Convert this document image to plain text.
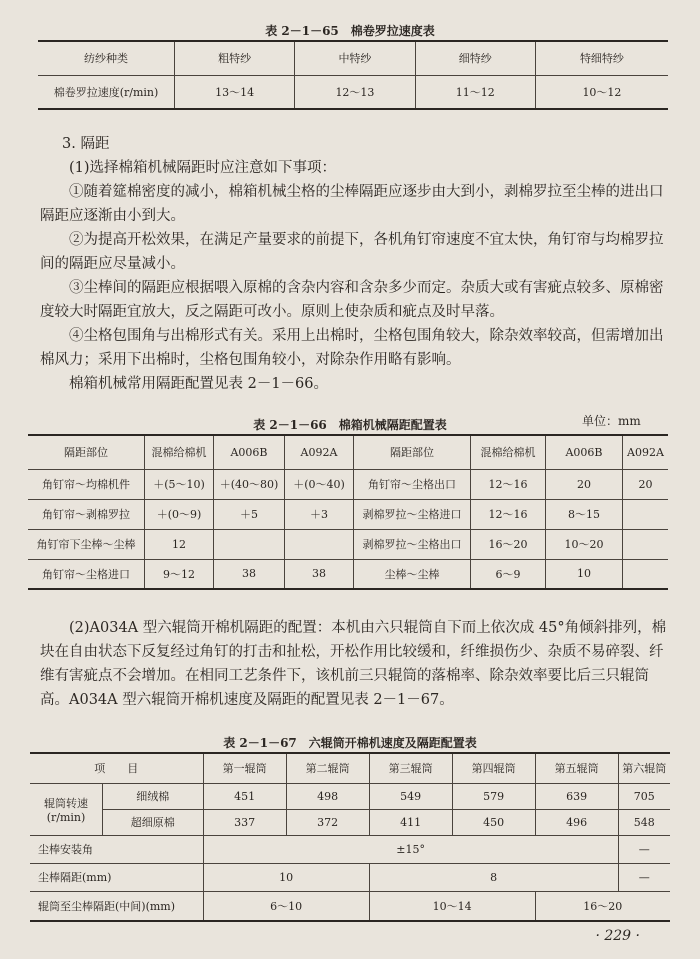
表 2－1－65　棉卷罗拉速度表
纺纱种类	粗特纱	中特纱	细特纱	特细特纱
棉卷罗拉速度(r/min)	13～14	12～13	11～12	10～12
3. 隔距

(1)选择棉箱机械隔距时应注意如下事项：

①随着筵棉密度的减小，棉箱机械尘格的尘棒隔距应逐步由大到小，剥棉罗拉至尘棒的进出口隔距应逐渐由小到大。

②为提高开松效果，在满足产量要求的前提下，各机角钉帘速度不宜太快，角钉帘与均棉罗拉间的隔距应尽量减小。

③尘棒间的隔距应根据喂入原棉的含杂内容和含杂多少而定。杂质大或有害疵点较多、原棉密度较大时隔距宜放大，反之隔距可改小。原则上使杂质和疵点及时早落。

④尘格包围角与出棉形式有关。采用上出棉时，尘格包围角较大，除杂效率较高，但需增加出棉风力；采用下出棉时，尘格包围角较小，对除杂作用略有影响。

棉箱机械常用隔距配置见表 2－1－66。

表 2－1－66　棉箱机械隔距配置表	单位：mm
隔距部位	混棉给棉机	A006B	A092A	隔距部位	混棉给棉机	A006B	A092A
角钉帘～均棉机件	＋(5～10)	＋(40～80)	＋(0～40)	角钉帘～尘格出口	12～16	20	20
角钉帘～剥棉罗拉	＋(0～9)	＋5	＋3	剥棉罗拉～尘格进口	12～16	8～15	
角钉帘下尘棒～尘棒	12			剥棉罗拉～尘格出口	16～20	10～20	
角钉帘～尘格进口	9～12	38	38	尘棒～尘棒	6～9	10	

(2)A034A 型六辊筒开棉机隔距的配置：本机由六只辊筒自下而上依次成 45°角倾斜排列，棉块在自由状态下反复经过角钉的打击和扯松，开松作用比较缓和，纤维损伤少、杂质不易碎裂、纤维有害疵点不会增加。在相同工艺条件下，该机前三只辊筒的落棉率、除杂效率要比后三只辊筒高。A034A 型六辊筒开棉机速度及隔距的配置见表 2－1－67。

表 2－1－67　六辊筒开棉机速度及隔距配置表
项　　目		第一辊筒	第二辊筒	第三辊筒	第四辊筒	第五辊筒	第六辊筒
辊筒转速
(r/min)	细绒棉	451	498	549	579	639	705
	超细原棉	337	372	411	450	496	548
尘棒安装角		±15°					—
尘棒隔距(mm)		10		8			—
辊筒至尘棒隔距(中间)(mm)		6～10		10～14		16～20	
· 229 ·
